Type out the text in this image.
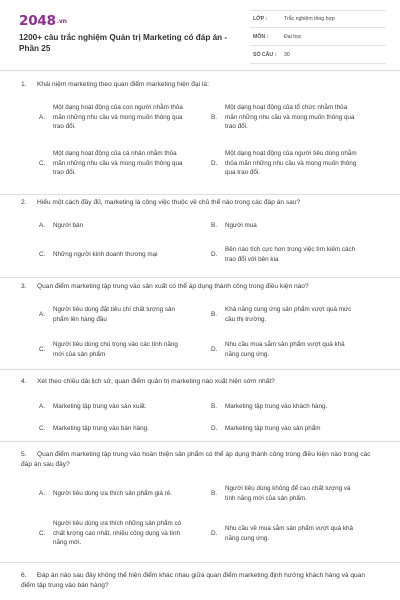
2048.vn
1200+ câu trắc nghiệm Quản trị Marketing có đáp án - Phần 25
LỚP :	Trắc nghiệm tổng hợp
MÔN :	Đại học
SỐ CÂU :	30
1. Khái niệm marketing theo quan điểm marketing hiện đại là:
A.
Một dạng hoạt động của con người nhằm thỏa mãn những nhu cầu và mong muốn thông qua trao đổi.
B.
Một dạng hoạt động của tổ chức nhằm thỏa mãn những nhu cầu và mong muốn thông qua trao đổi.
C.
Một dạng hoạt động của cá nhân nhằm thỏa mãn những nhu cầu và mong muốn thông qua trao đổi.
D.
Một dạng hoạt động của người tiêu dùng nhằm thỏa mãn những nhu cầu và mong muốn thông qua trao đổi.
2. Hiểu một cách đầy đủ, marketing là công việc thuộc về chủ thể nào trong các đáp án sau?
A.	Người bán	B.	Người mua
C.	Những người kinh doanh thương mại	D.
Bên nào tích cực hơn trong việc tìm kiếm cách trao đổi với bên kia
3. Quan điểm marketing tập trung vào sản xuất có thể áp dụng thành công trong điều kiện nào?
A.
Người tiêu dùng đặt tiêu chí chất lượng sản phẩm lên hàng đầu
B.
Khả năng cung ứng sản phẩm vượt quá mức cầu thị trường.
C.
Người tiêu dùng chú trọng vào các tính năng mới của sản phẩm
D.
Nhu cầu mua sắm sản phẩm vượt quá khả năng cung ứng.
4. Xét theo chiều dài lịch sử, quan điểm quản trị marketing nào xuất hiện sớm nhất?
A.	Marketing tập trung vào sản xuất.	B.	Marketing tập trung vào khách hàng.
C.	Marketing tập trung vào bán hàng.	D.	Marketing tập trung vào sản phẩm
5. Quan điểm marketing tập trung vào hoàn thiện sản phẩm có thể áp dụng thành công trong điều kiện nào trong các đáp án sau đây?
A.	Người tiêu dùng ưa thích sản phẩm giá rẻ.	B.
Người tiêu dùng không để cao chất lượng và tính năng mới của sản phẩm.
C.
Người tiêu dùng ưa thích những sản phẩm có chất lượng cao nhất, nhiều công dụng và tính năng mới.
D.
Nhu cầu về mua sắm sản phẩm vượt quá khả năng cung ứng.
6. Đáp án nào sau đây không thể hiện điểm khác nhau giữa quan điểm marketing định hướng khách hàng và quan điểm tập trung vào bán hàng?
